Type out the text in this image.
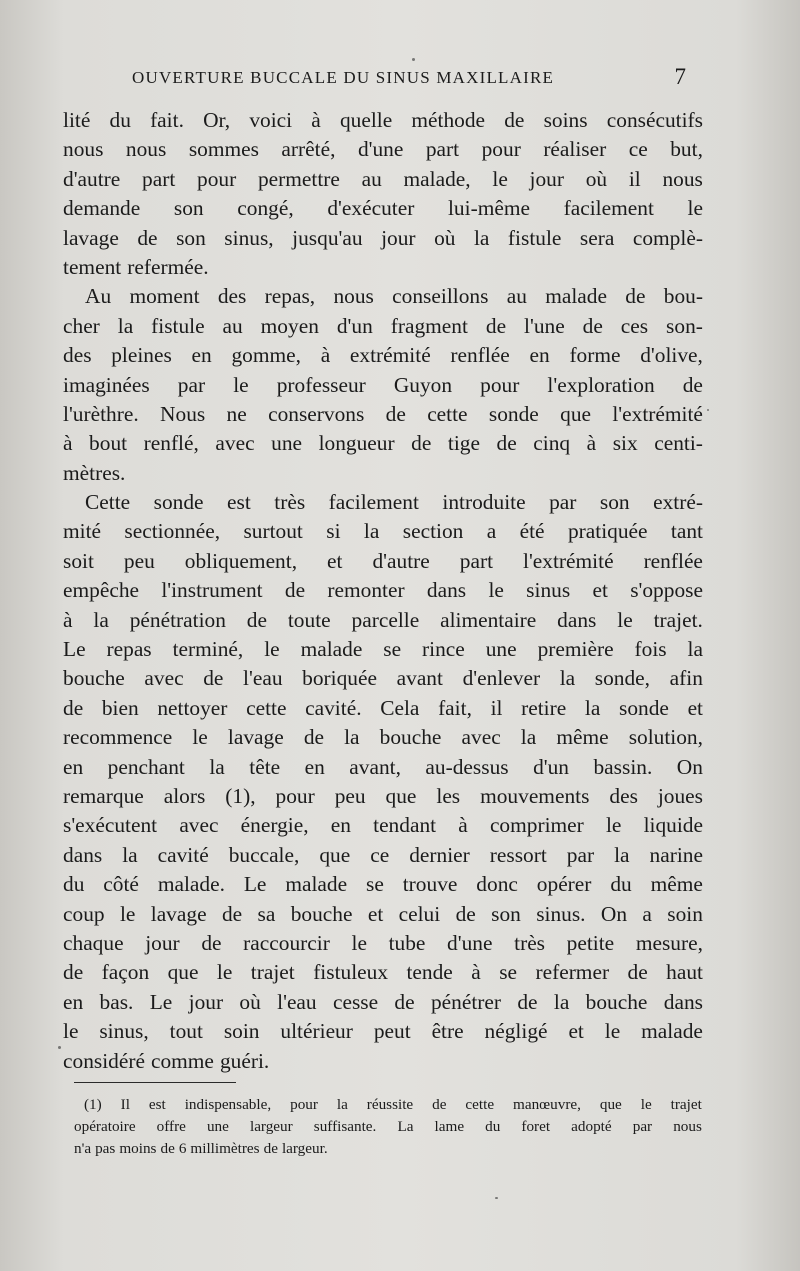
OUVERTURE BUCCALE DU SINUS MAXILLAIRE	7
lité du fait. Or, voici à quelle méthode de soins consécutifs
nous nous sommes arrêté, d'une part pour réaliser ce but,
d'autre part pour permettre au malade, le jour où il nous
demande son congé, d'exécuter lui-même facilement le
lavage de son sinus, jusqu'au jour où la fistule sera complè-
tement refermée.
Au moment des repas, nous conseillons au malade de bou-
cher la fistule au moyen d'un fragment de l'une de ces son-
des pleines en gomme, à extrémité renflée en forme d'olive,
imaginées par le professeur Guyon pour l'exploration de
l'urèthre. Nous ne conservons de cette sonde que l'extrémité
à bout renflé, avec une longueur de tige de cinq à six centi-
mètres.
Cette sonde est très facilement introduite par son extré-
mité sectionnée, surtout si la section a été pratiquée tant
soit peu obliquement, et d'autre part l'extrémité renflée
empêche l'instrument de remonter dans le sinus et s'oppose
à la pénétration de toute parcelle alimentaire dans le trajet.
Le repas terminé, le malade se rince une première fois la
bouche avec de l'eau boriquée avant d'enlever la sonde, afin
de bien nettoyer cette cavité. Cela fait, il retire la sonde et
recommence le lavage de la bouche avec la même solution,
en penchant la tête en avant, au-dessus d'un bassin. On
remarque alors (1), pour peu que les mouvements des joues
s'exécutent avec énergie, en tendant à comprimer le liquide
dans la cavité buccale, que ce dernier ressort par la narine
du côté malade. Le malade se trouve donc opérer du même
coup le lavage de sa bouche et celui de son sinus. On a soin
chaque jour de raccourcir le tube d'une très petite mesure,
de façon que le trajet fistuleux tende à se refermer de haut
en bas. Le jour où l'eau cesse de pénétrer de la bouche dans
le sinus, tout soin ultérieur peut être négligé et le malade
considéré comme guéri.
(1) Il est indispensable, pour la réussite de cette manœuvre, que le trajet
opératoire offre une largeur suffisante. La lame du foret adopté par nous
n'a pas moins de 6 millimètres de largeur.
